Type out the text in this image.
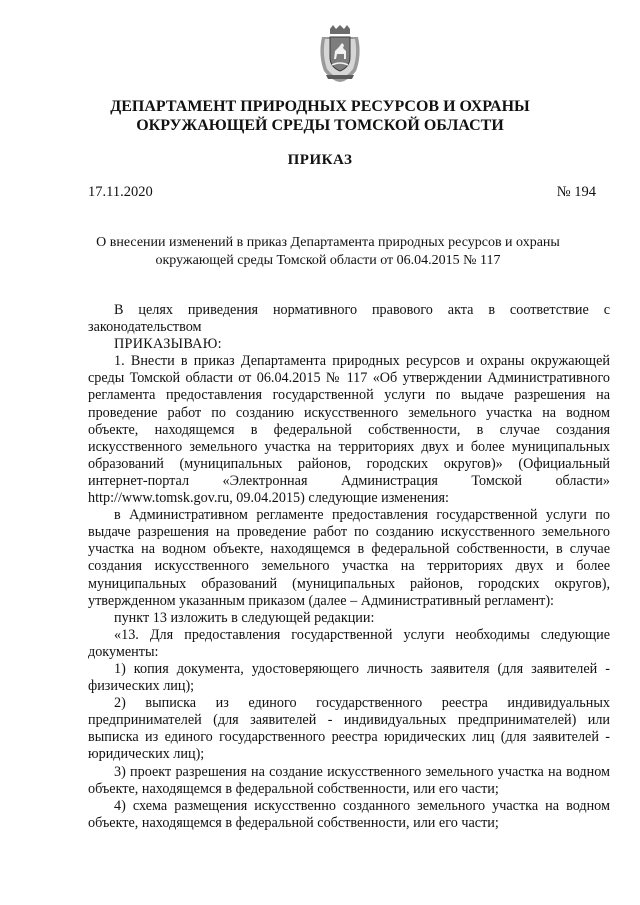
ДЕПАРТАМЕНТ ПРИРОДНЫХ РЕСУРСОВ И ОХРАНЫ
ОКРУЖАЮЩЕЙ СРЕДЫ ТОМСКОЙ ОБЛАСТИ
ПРИКАЗ
17.11.2020	№ 194
О внесении изменений в приказ Департамента природных ресурсов и охраны
окружающей среды Томской области от 06.04.2015 № 117

В целях приведения нормативного правового акта в соответствие с законодательством

ПРИКАЗЫВАЮ:

1. Внести в приказ Департамента природных ресурсов и охраны окружающей среды Томской области от 06.04.2015 № 117 «Об утверждении Административного регламента предоставления государственной услуги по выдаче разрешения на проведение работ по созданию искусственного земельного участка на водном объекте, находящемся в федеральной собственности, в случае создания искусственного земельного участка на территориях двух и более муниципальных образований (муниципальных районов, городских округов)» (Официальный интернет-портал «Электронная Администрация Томской области» http://www.tomsk.gov.ru, 09.04.2015) следующие изменения:

в Административном регламенте предоставления государственной услуги по выдаче разрешения на проведение работ по созданию искусственного земельного участка на водном объекте, находящемся в федеральной собственности, в случае создания искусственного земельного участка на территориях двух и более муниципальных образований (муниципальных районов, городских округов), утвержденном указанным приказом (далее – Административный регламент):

пункт 13 изложить в следующей редакции:

«13. Для предоставления государственной услуги необходимы следующие документы:

1) копия документа, удостоверяющего личность заявителя (для заявителей - физических лиц);

2) выписка из единого государственного реестра индивидуальных предпринимателей (для заявителей - индивидуальных предпринимателей) или выписка из единого государственного реестра юридических лиц (для заявителей - юридических лиц);

3) проект разрешения на создание искусственного земельного участка на водном объекте, находящемся в федеральной собственности, или его части;

4) схема размещения искусственно созданного земельного участка на водном объекте, находящемся в федеральной собственности, или его части;
